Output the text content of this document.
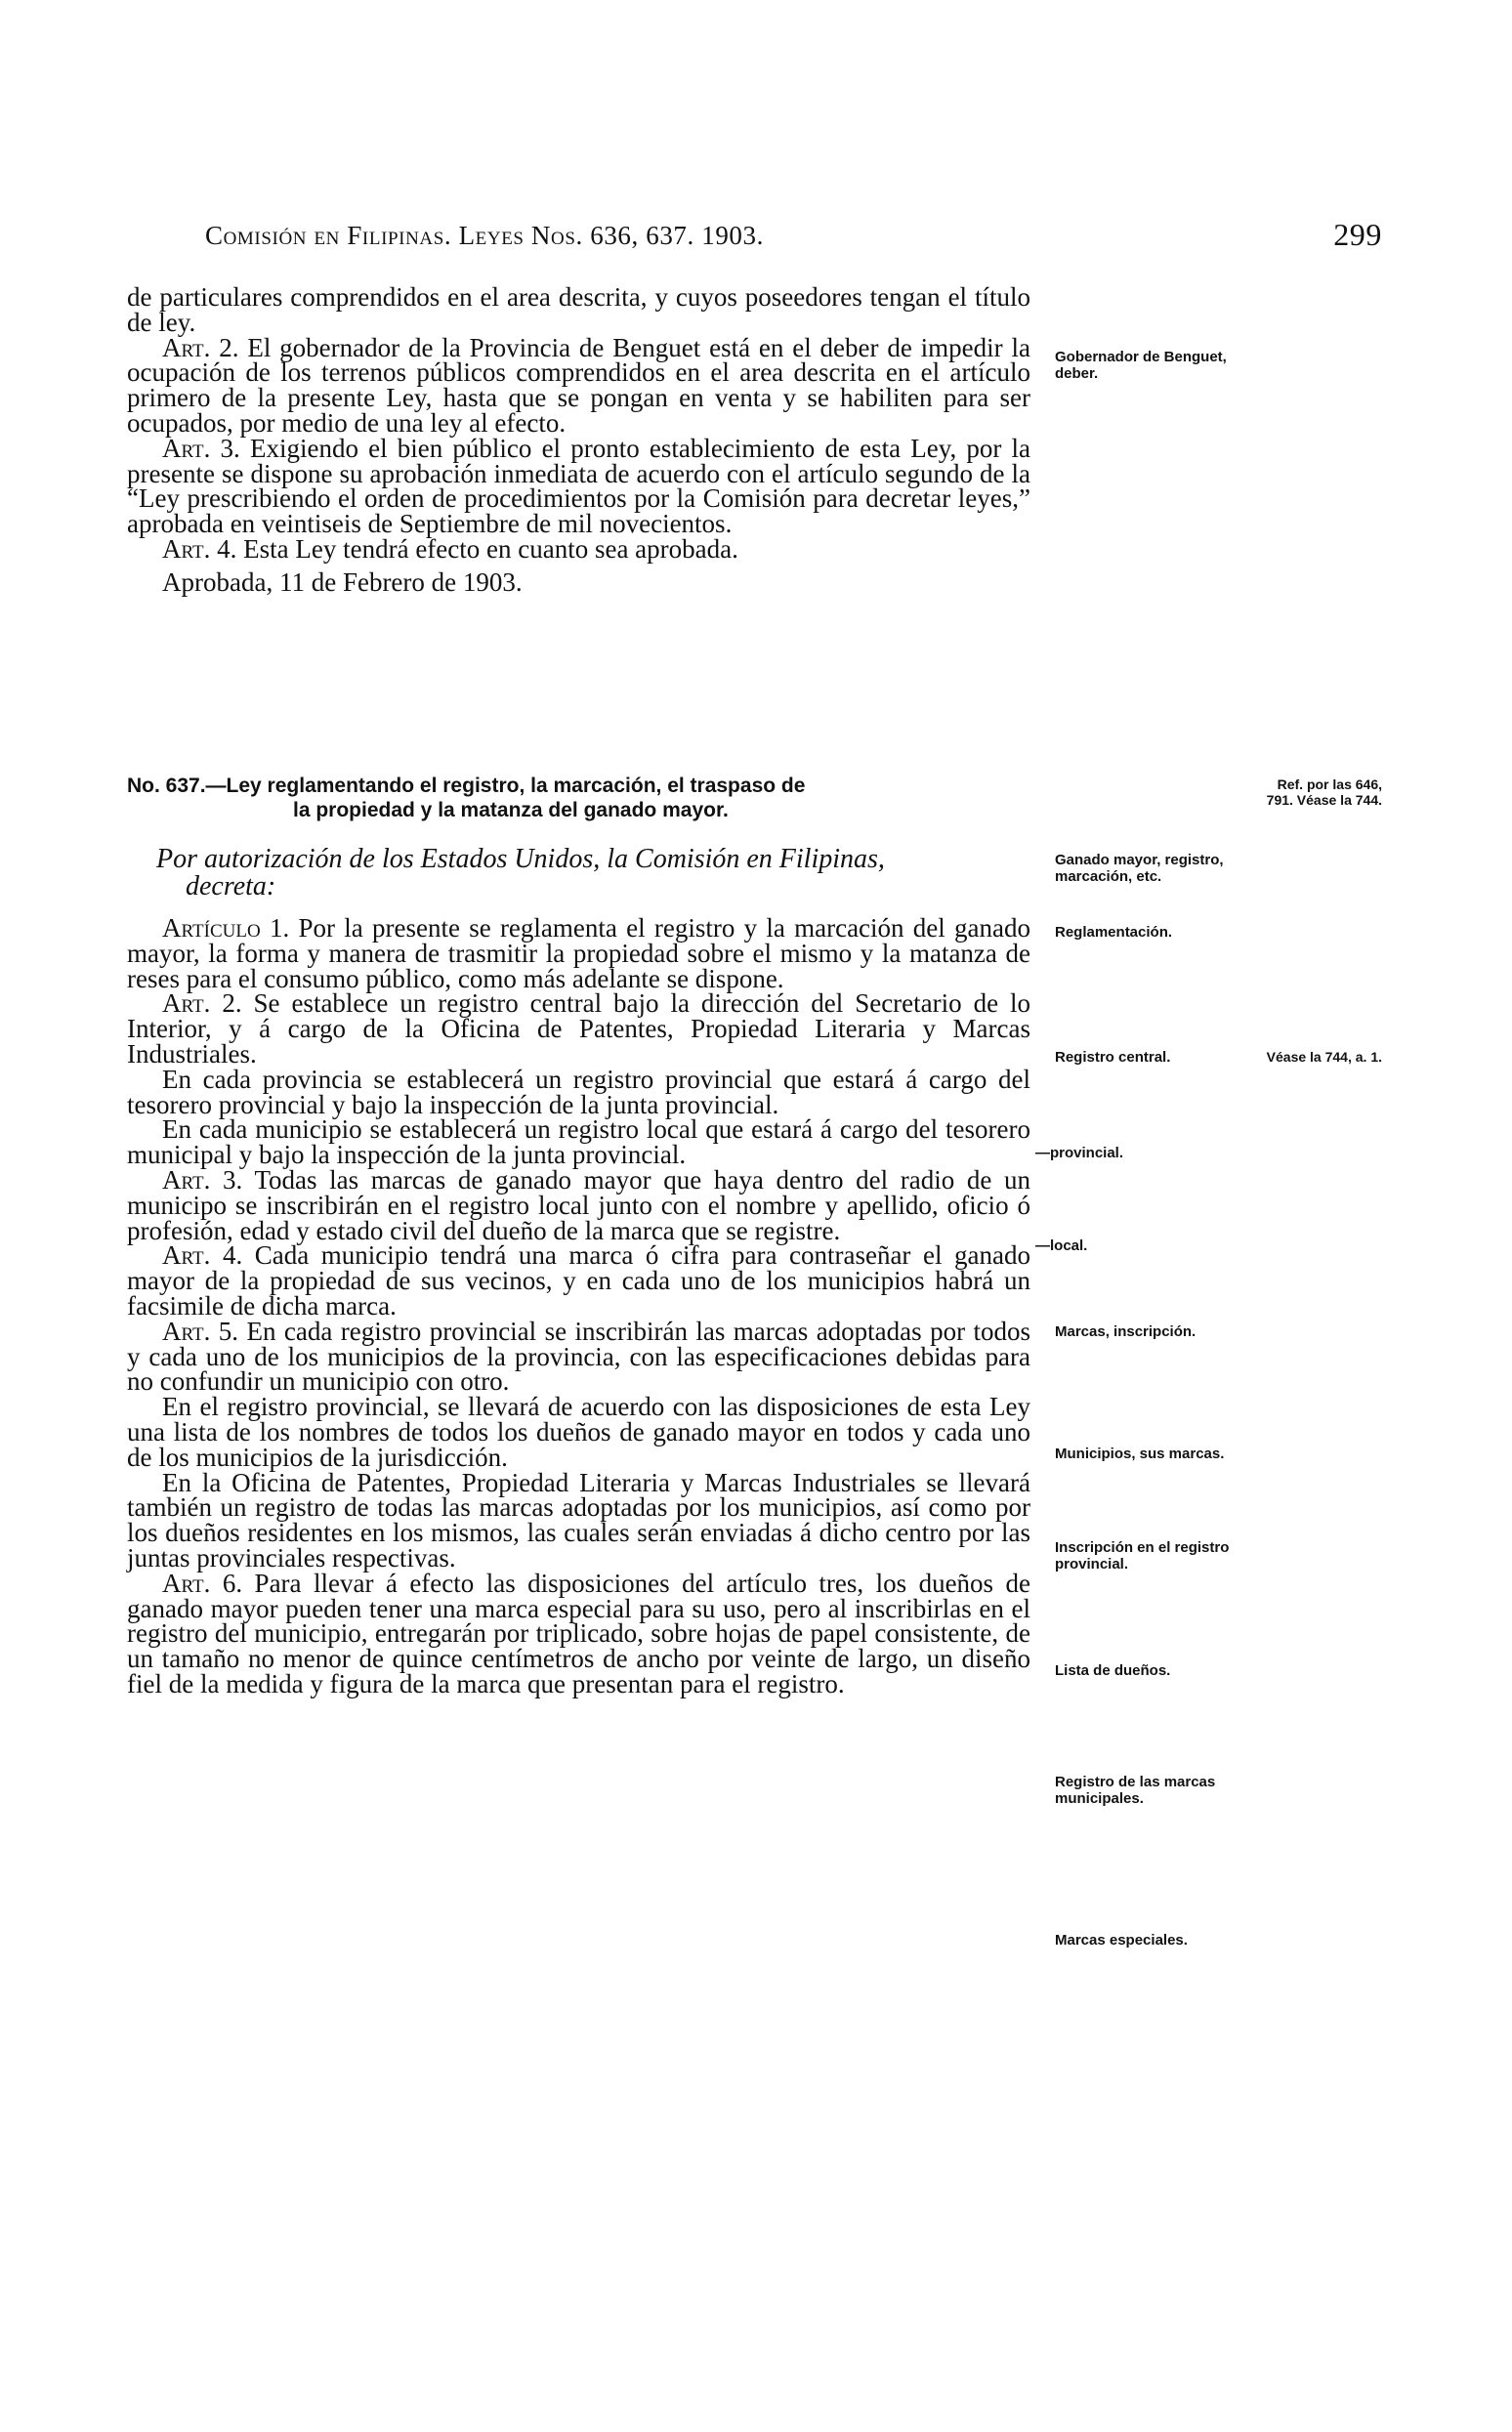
Comisión en Filipinas. Leyes Nos. 636, 637. 1903.	299

de particulares comprendidos en el area descrita, y cuyos poseedores tengan el título de ley.

Art. 2. El gobernador de la Provincia de Benguet está en el deber de impedir la ocupación de los terrenos públicos comprendidos en el area descrita en el artículo primero de la presente Ley, hasta que se pongan en venta y se habiliten para ser ocupados, por medio de una ley al efecto.

Art. 3. Exigiendo el bien público el pronto establecimiento de esta Ley, por la presente se dispone su aprobación inmediata de acuerdo con el artículo segundo de la “Ley prescribiendo el orden de procedimientos por la Comisión para decretar leyes,” aprobada en veintiseis de Septiembre de mil novecientos.

Art. 4. Esta Ley tendrá efecto en cuanto sea aprobada.

Aprobada, 11 de Febrero de 1903.

Gobernador de Benguet, deber.
No. 637.—Ley reglamentando el registro, la marcación, el traspaso de
la propiedad y la matanza del ganado mayor.
Ref. por las 646, 791. Véase la 744.
Por autorización de los Estados Unidos, la Comisión en Filipinas,
decreta:
Ganado mayor, registro, marcación, etc.

Artículo 1. Por la presente se reglamenta el registro y la marcación del ganado mayor, la forma y manera de trasmitir la propiedad sobre el mismo y la matanza de reses para el consumo público, como más adelante se dispone.

Art. 2. Se establece un registro central bajo la dirección del Secretario de lo Interior, y á cargo de la Oficina de Patentes, Propiedad Literaria y Marcas Industriales.

En cada provincia se establecerá un registro provincial que estará á cargo del tesorero provincial y bajo la inspección de la junta provincial.

En cada municipio se establecerá un registro local que estará á cargo del tesorero municipal y bajo la inspección de la junta provincial.

Art. 3. Todas las marcas de ganado mayor que haya dentro del radio de un municipo se inscribirán en el registro local junto con el nombre y apellido, oficio ó profesión, edad y estado civil del dueño de la marca que se registre.

Art. 4. Cada municipio tendrá una marca ó cifra para contraseñar el ganado mayor de la propiedad de sus vecinos, y en cada uno de los municipios habrá un facsimile de dicha marca.

Art. 5. En cada registro provincial se inscribirán las marcas adoptadas por todos y cada uno de los municipios de la provincia, con las especificaciones debidas para no confundir un municipio con otro.

En el registro provincial, se llevará de acuerdo con las disposiciones de esta Ley una lista de los nombres de todos los dueños de ganado mayor en todos y cada uno de los municipios de la jurisdicción.

En la Oficina de Patentes, Propiedad Literaria y Marcas Industriales se llevará también un registro de todas las marcas adoptadas por los municipios, así como por los dueños residentes en los mismos, las cuales serán enviadas á dicho centro por las juntas provinciales respectivas.

Art. 6. Para llevar á efecto las disposiciones del artículo tres, los dueños de ganado mayor pueden tener una marca especial para su uso, pero al inscribirlas en el registro del municipio, entregarán por triplicado, sobre hojas de papel consistente, de un tamaño no menor de quince centímetros de ancho por veinte de largo, un diseño fiel de la medida y figura de la marca que presentan para el registro.

Reglamentación.
Registro central.	Véase la 744, a. 1.
—provincial.
—local.
Marcas, inscripción.
Municipios, sus marcas.
Inscripción en el registro provincial.
Lista de dueños.
Registro de las marcas municipales.
Marcas especiales.
